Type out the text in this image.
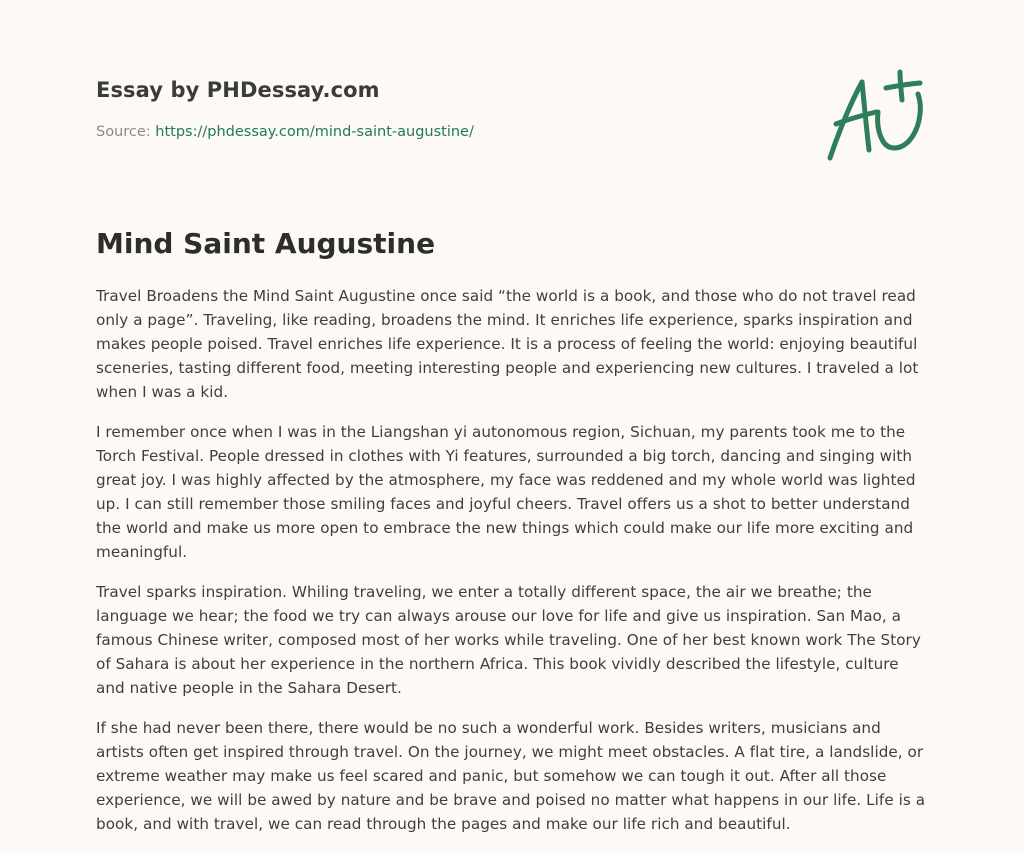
Essay by PHDessay.com
Source: https://phdessay.com/mind-saint-augustine/
Mind Saint Augustine

Travel Broadens the Mind Saint Augustine once said “the world is a book, and those who do not travel read only a page”. Traveling, like reading, broadens the mind. It enriches life experience, sparks inspiration and makes people poised. Travel enriches life experience. It is a process of feeling the world: enjoying beautiful sceneries, tasting different food, meeting interesting people and experiencing new cultures. I traveled a lot when I was a kid.

I remember once when I was in the Liangshan yi autonomous region, Sichuan, my parents took me to the Torch Festival. People dressed in clothes with Yi features, surrounded a big torch, dancing and singing with great joy. I was highly affected by the atmosphere, my face was reddened and my whole world was lighted up. I can still remember those smiling faces and joyful cheers. Travel offers us a shot to better understand the world and make us more open to embrace the new things which could make our life more exciting and meaningful.

Travel sparks inspiration. Whiling traveling, we enter a totally different space, the air we breathe; the language we hear; the food we try can always arouse our love for life and give us inspiration. San Mao, a famous Chinese writer, composed most of her works while traveling. One of her best known work The Story of Sahara is about her experience in the northern Africa. This book vividly described the lifestyle, culture and native people in the Sahara Desert.

If she had never been there, there would be no such a wonderful work. Besides writers, musicians and artists often get inspired through travel. On the journey, we might meet obstacles. A flat tire, a landslide, or extreme weather may make us feel scared and panic, but somehow we can tough it out. After all those experience, we will be awed by nature and be brave and poised no matter what happens in our life. Life is a book, and with travel, we can read through the pages and make our life rich and beautiful.
